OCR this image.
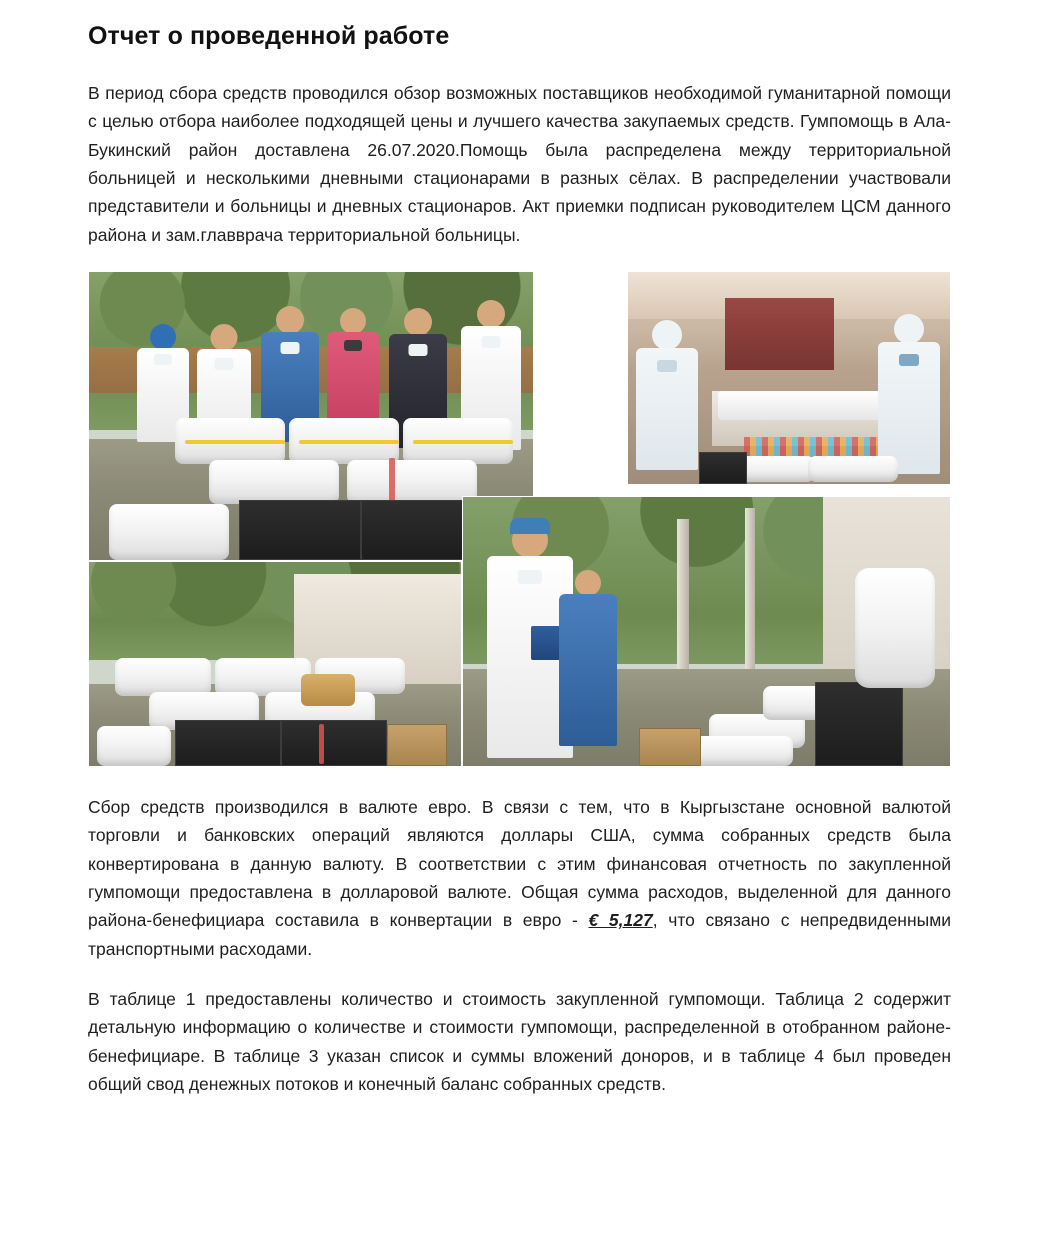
Отчет о проведенной работе

В период сбора средств проводился обзор возможных поставщиков необходимой гуманитарной помощи с целью отбора наиболее подходящей цены и лучшего качества закупаемых средств. Гумпомощь в Ала-Букинский район доставлена 26.07.2020.Помощь была распределена между территориальной больницей и несколькими дневными стационарами в разных сёлах. В распределении участвовали представители и больницы и дневных стационаров. Акт приемки подписан руководителем ЦСМ данного района и зам.главврача территориальной больницы.

Сбор средств производился в валюте евро. В связи с тем, что в Кыргызстане основной валютой торговли и банковских операций являются доллары США, сумма собранных средств была конвертирована в данную валюту. В соответствии с этим финансовая отчетность по закупленной гумпомощи предоставлена в долларовой валюте. Общая сумма расходов, выделенной для данного района-бенефициара составила в конвертации в евро - € 5,127, что связано с непредвиденными транспортными расходами.

В таблице 1 предоставлены количество и стоимость закупленной гумпомощи. Таблица 2 содержит детальную информацию о количестве и стоимости гумпомощи, распределенной в отобранном районе-бенефициаре. В таблице 3 указан список и суммы вложений доноров, и в таблице 4 был проведен общий свод денежных потоков и конечный баланс собранных средств.
